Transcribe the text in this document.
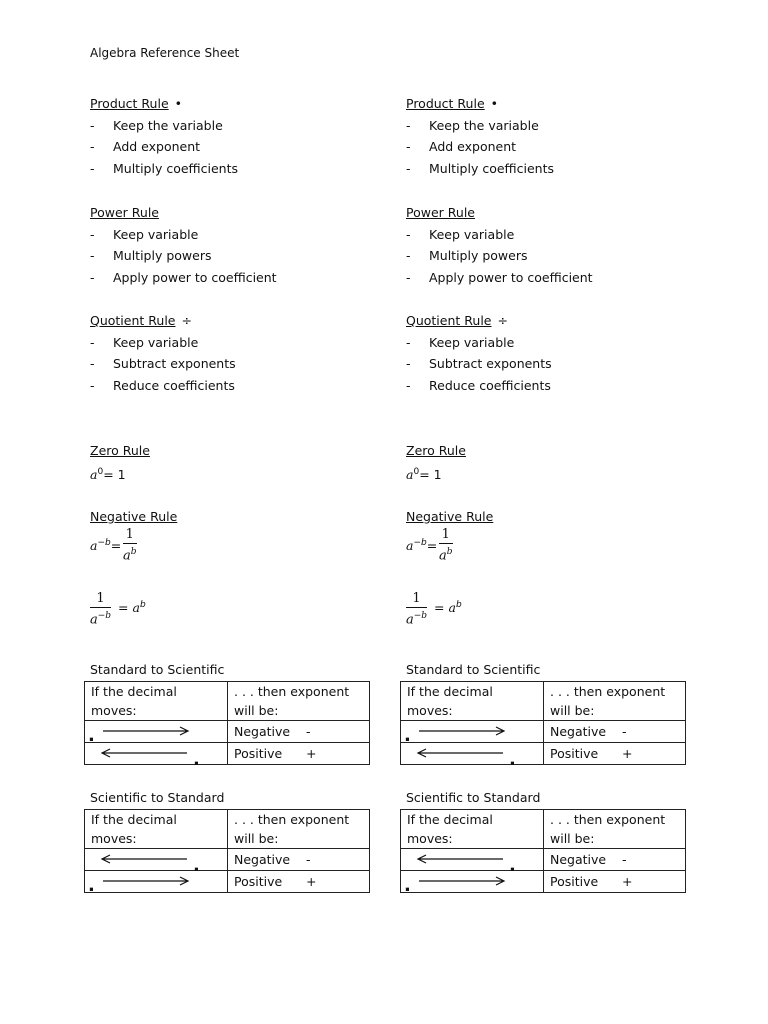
Algebra Reference Sheet
Product Rule •
- Keep the variable
- Add exponent
- Multiply coefficients
Power Rule
- Keep variable
- Multiply powers
- Apply power to coefficient
Quotient Rule ÷
- Keep variable
- Subtract exponents
- Reduce coefficients
Zero Rule
$a^0= 1$
Negative Rule
$a^{-b}=$
1
$a^b$
1
$a^{-b}$
= $a^b$
Standard to Scientific
If the decimal moves:	. . . then exponent will be:

.	Negative -

.	Positive +
Scientific to Standard
If the decimal moves:	. . . then exponent will be:

.	Negative -

.	Positive +
Product Rule •
- Keep the variable
- Add exponent
- Multiply coefficients
Power Rule
- Keep variable
- Multiply powers
- Apply power to coefficient
Quotient Rule ÷
- Keep variable
- Subtract exponents
- Reduce coefficients
Zero Rule
$a^0= 1$
Negative Rule
$a^{-b}=$
1
$a^b$
1
$a^{-b}$
= $a^b$
Standard to Scientific
If the decimal moves:	. . . then exponent will be:

.	Negative -

.	Positive +
Scientific to Standard
If the decimal moves:	. . . then exponent will be:

.	Negative -

.	Positive +
